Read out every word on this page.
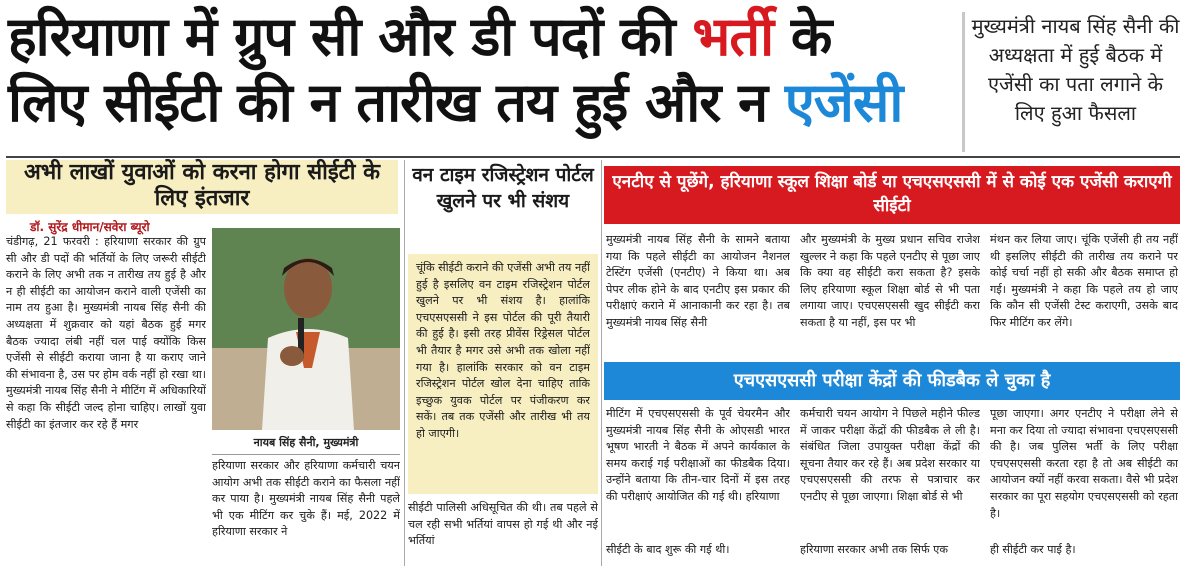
हरियाणा में ग्रुप सी और डी पदों की भर्ती के
लिए सीईटी की न तारीख तय हुई और न एजेंसी
मुख्यमंत्री नायब सिंह सैनी की अध्यक्षता में हुई बैठक में एजेंसी का पता लगाने के लिए हुआ फैसला
अभी लाखों युवाओं को करना होगा सीईटी के लिए इंतजार
डॉ. सुरेंद्र धीमान/सवेरा ब्यूरो
चंडीगढ़, 21 फरवरी : हरियाणा सरकार की ग्रुप सी और डी पदों की भर्तियों के लिए जरूरी सीईटी कराने के लिए अभी तक न तारीख तय हुई है और न ही सीईटी का आयोजन कराने वाली एजेंसी का नाम तय हुआ है। मुख्यमंत्री नायब सिंह सैनी की अध्यक्षता में शुक्रवार को यहां बैठक हुई मगर बैठक ज्यादा लंबी नहीं चल पाई क्योंकि किस एजेंसी से सीईटी कराया जाना है या कराए जाने की संभावना है, उस पर होम वर्क नहीं हो रखा था। मुख्यमंत्री नायब सिंह सैनी ने मीटिंग में अधिकारियों से कहा कि सीईटी जल्द होना चाहिए। लाखों युवा सीईटी का इंतजार कर रहे हैं मगर
नायब सिंह सैनी, मुख्यमंत्री
हरियाणा सरकार और हरियाणा कर्मचारी चयन आयोग अभी तक सीईटी कराने का फैसला नहीं कर पाया है। मुख्यमंत्री नायब सिंह सैनी पहले भी एक मीटिंग कर चुके हैं। मई, 2022 में हरियाणा सरकार ने
वन टाइम रजिस्ट्रेशन पोर्टल खुलने पर भी संशय
चूंकि सीईटी कराने की एजेंसी अभी तय नहीं हुई है इसलिए वन टाइम रजिस्ट्रेशन पोर्टल खुलने पर भी संशय है। हालांकि एचएसएससी ने इस पोर्टल की पूरी तैयारी की हुई है। इसी तरह प्रीवेंस रिड्रेसल पोर्टल भी तैयार है मगर उसे अभी तक खोला नहीं गया है। हालांकि सरकार को वन टाइम रजिस्ट्रेशन पोर्टल खोल देना चाहिए ताकि इच्छुक युवक पोर्टल पर पंजीकरण कर सकें। तब तक एजेंसी और तारीख भी तय हो जाएगी।
सीईटी पालिसी अधिसूचित की थी। तब पहले से चल रही सभी भर्तियां वापस हो गई थी और नई भर्तियां
एनटीए से पूछेंगे, हरियाणा स्कूल शिक्षा बोर्ड या एचएसएससी में से कोई एक एजेंसी कराएगी सीईटी
मुख्यमंत्री नायब सिंह सैनी के सामने बताया गया कि पहले सीईटी का आयोजन नैशनल टेस्टिंग एजेंसी (एनटीए) ने किया था। अब पेपर लीक होने के बाद एनटीए इस प्रकार की परीक्षाएं कराने में आनाकानी कर रहा है। तब मुख्यमंत्री नायब सिंह सैनी
और मुख्यमंत्री के मुख्य प्रधान सचिव राजेश खुल्लर ने कहा कि पहले एनटीए से पूछा जाए कि क्या वह सीईटी करा सकता है? इसके लिए हरियाणा स्कूल शिक्षा बोर्ड से भी पता लगाया जाए। एचएसएससी खुद सीईटी करा सकता है या नहीं, इस पर भी
मंथन कर लिया जाए। चूंकि एजेंसी ही तय नहीं थी इसलिए सीईटी की तारीख तय कराने पर कोई चर्चा नहीं हो सकी और बैठक समाप्त हो गई। मुख्यमंत्री ने कहा कि पहले तय हो जाए कि कौन सी एजेंसी टेस्ट कराएगी, उसके बाद फिर मीटिंग कर लेंगे।
एचएसएससी परीक्षा केंद्रों की फीडबैक ले चुका है
मीटिंग में एचएसएससी के पूर्व चेयरमैन और मुख्यमंत्री नायब सिंह सैनी के ओएसडी भारत भूषण भारती ने बैठक में अपने कार्यकाल के समय कराई गई परीक्षाओं का फीडबैक दिया। उन्होंने बताया कि तीन-चार दिनों में इस तरह की परीक्षाएं आयोजित की गई थी। हरियाणा
कर्मचारी चयन आयोग ने पिछले महीने फील्ड में जाकर परीक्षा केंद्रों की फीडबैक ले ली है। संबंधित जिला उपायुक्त परीक्षा केंद्रों की सूचना तैयार कर रहे हैं। अब प्रदेश सरकार या एचएसएससी की तरफ से पत्राचार कर एनटीए से पूछा जाएगा। शिक्षा बोर्ड से भी
पूछा जाएगा। अगर एनटीए ने परीक्षा लेने से मना कर दिया तो ज्यादा संभावना एचएसएससी की है। जब पुलिस भर्ती के लिए परीक्षा एचएसएससी करता रहा है तो अब सीईटी का आयोजन क्यों नहीं करवा सकता। वैसे भी प्रदेश सरकार का पूरा सहयोग एचएसएससी को रहता है।
सीईटी के बाद शुरू की गई थी।	हरियाणा सरकार अभी तक सिर्फ एक	ही सीईटी कर पाई है।
